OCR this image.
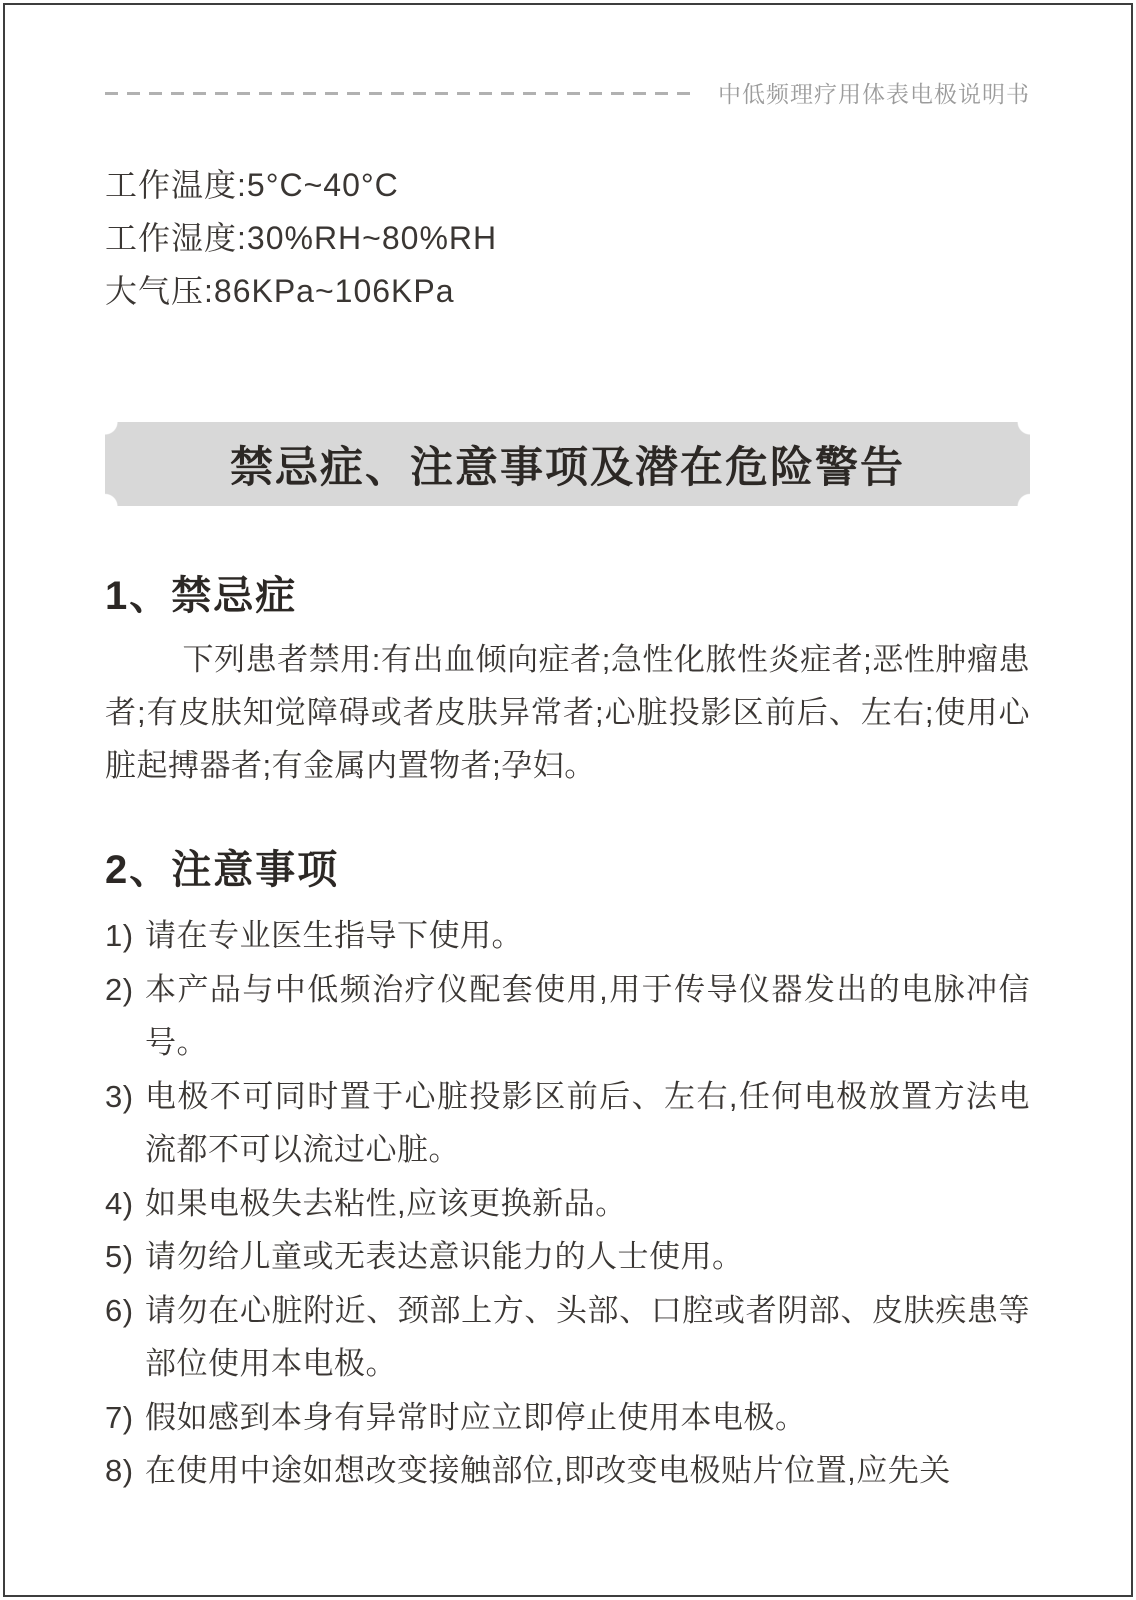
中低频理疗用体表电极说明书
工作温度:5°C~40°C
工作湿度:30%RH~80%RH
大气压:86KPa~106KPa
禁忌症、注意事项及潜在危险警告
1、禁忌症
下列患者禁用:有出血倾向症者;急性化脓性炎症者;恶性肿瘤患者;有皮肤知觉障碍或者皮肤异常者;心脏投影区前后、左右;使用心脏起搏器者;有金属内置物者;孕妇。
2、注意事项
1) 请在专业医生指导下使用。
2) 本产品与中低频治疗仪配套使用,用于传导仪器发出的电脉冲信号。
3) 电极不可同时置于心脏投影区前后、左右,任何电极放置方法电流都不可以流过心脏。
4) 如果电极失去粘性,应该更换新品。
5) 请勿给儿童或无表达意识能力的人士使用。
6) 请勿在心脏附近、颈部上方、头部、口腔或者阴部、皮肤疾患等部位使用本电极。
7) 假如感到本身有异常时应立即停止使用本电极。
8) 在使用中途如想改变接触部位,即改变电极贴片位置,应先关
